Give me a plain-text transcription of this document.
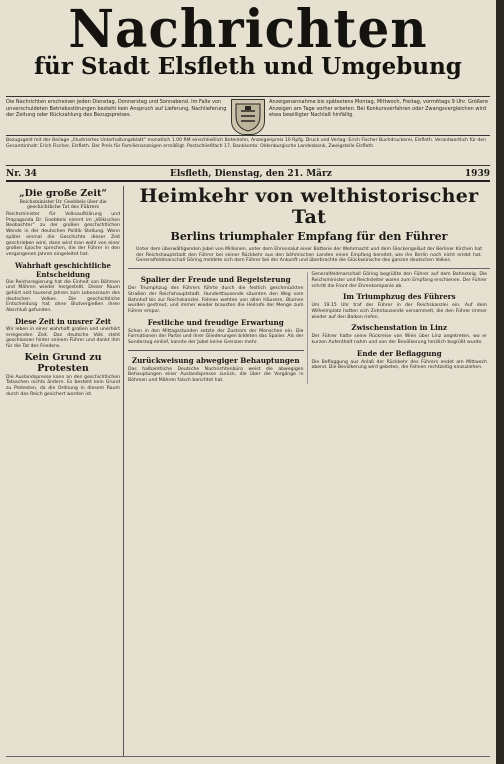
Nachrichten
für Stadt Elsfleth und Umgebung
Die Nachrichten erscheinen jeden Dienstag, Donnerstag und Sonnabend. Im Falle von unverschuldeten Betriebsstörungen besteht kein Anspruch auf Lieferung, Nachlieferung der Zeitung oder Rückzahlung des Bezugspreises.
Anzeigenannahme bis spätestens Montag, Mittwoch, Freitag, vormittags 9 Uhr. Größere Anzeigen am Tage vorher erbeten. Bei Konkursverfahren oder Zwangsvergleichen wird etwa bewilligter Nachlaß hinfällig.
Bezugsgeld mit der Beilage „Illustriertes Unterhaltungsblatt“ monatlich 1.00 RM einschließlich Botenlohn, Anzeigenpreis 10 Rpfg. Druck und Verlag: Erich Fischer Buchdruckerei, Elsfleth. Verantwortlich für den Gesamtinhalt: Erich Fischer, Elsfleth. Der Preis für Familienanzeigen ermäßigt. Postschließfach 17, Bankkonto: Oldenburgische Landesbank, Zweigstelle Elsfleth.
Nr. 34	Elsfleth, Dienstag, den 21. März	1939
„Die große Zeit“
Reichsminister Dr. Goebbels über die geschichtliche Tat des Führers

Reichsminister für Volksaufklärung und Propaganda Dr. Goebbels nimmt im „Völkischen Beobachter“ zu der großen geschichtlichen Wende in der deutschen Politik Stellung. Wenn später einmal die Geschichte dieser Zeit geschrieben wird, dann wird man wohl von einer großen Epoche sprechen, die der Führer in den vergangenen Jahren eingeleitet hat.

Wahrhaft geschichtliche Entscheidung

Die Reichsregierung hat die Einheit von Böhmen und Mähren wieder hergestellt. Dieser Raum gehört seit tausend Jahren zum Lebensraum des deutschen Volkes. Die geschichtliche Entscheidung hat ohne Blutvergießen ihren Abschluß gefunden.

Diese Zeit in unsrer Zeit

Wir leben in einer wahrhaft großen und unerhört erregenden Zeit. Das deutsche Volk steht geschlossen hinter seinem Führer und dankt ihm für die Tat des Friedens.

Kein Grund zu Protesten

Die Auslandspresse kann an den geschichtlichen Tatsachen nichts ändern. Es besteht kein Grund zu Protesten, da die Ordnung in diesem Raum durch das Reich gesichert worden ist.

Heimkehr von welthistorischer Tat
Berlins triumphaler Empfang für den Führer

Unter dem überwältigenden Jubel von Millionen, unter dem Ehrensalut einer Batterie der Wehrmacht und dem Glockengeläut der Berliner Kirchen hat der Reichshauptstadt den Führer bei seiner Rückkehr aus den böhmischen Landen einen Empfang bereitet, wie ihn Berlin noch nicht erlebt hat. Generalfeldmarschall Göring meldete sich dem Führer bei der Ankunft und überbrachte die Glückwünsche des ganzen deutschen Volkes.

Spalier der Freude und Begeisterung

Der Triumphzug des Führers führte durch die festlich geschmückten Straßen der Reichshauptstadt. Hunderttausende säumten den Weg vom Bahnhof bis zur Reichskanzlei. Fahnen wehten von allen Häusern, Blumen wurden gestreut, und immer wieder brausten die Heilrufe der Menge zum Führer empor.

Festliche und freudige Erwartung

Schon in den Mittagsstunden setzte der Zustrom der Menschen ein. Die Formationen der Partei und ihrer Gliederungen bildeten das Spalier. Als der Sonderzug einlief, kannte der Jubel keine Grenzen mehr.

Zurückweisung abwegiger Behauptungen

Das halbamtliche Deutsche Nachrichtenbüro weist die abwegigen Behauptungen einer Auslandspresse zurück, die über die Vorgänge in Böhmen und Mähren falsch berichtet hat.

Generalfeldmarschall Göring begrüßte den Führer auf dem Bahnsteig. Die Reichsminister und Reichsleiter waren zum Empfang erschienen. Der Führer schritt die Front der Ehrenkompanie ab.

Im Triumphzug des Führers

Um 19.15 Uhr traf der Führer in der Reichskanzlei ein. Auf dem Wilhelmplatz hatten sich Zehntausende versammelt, die den Führer immer wieder auf den Balkon riefen.

Zwischenstation in Linz

Der Führer hatte seine Rückreise von Wien über Linz angetreten, wo er kurzen Aufenthalt nahm und von der Bevölkerung herzlich begrüßt wurde.

Ende der Beflaggung

Die Beflaggung aus Anlaß der Rückkehr des Führers endet am Mittwoch abend. Die Bevölkerung wird gebeten, die Fahnen rechtzeitig einzuziehen.
